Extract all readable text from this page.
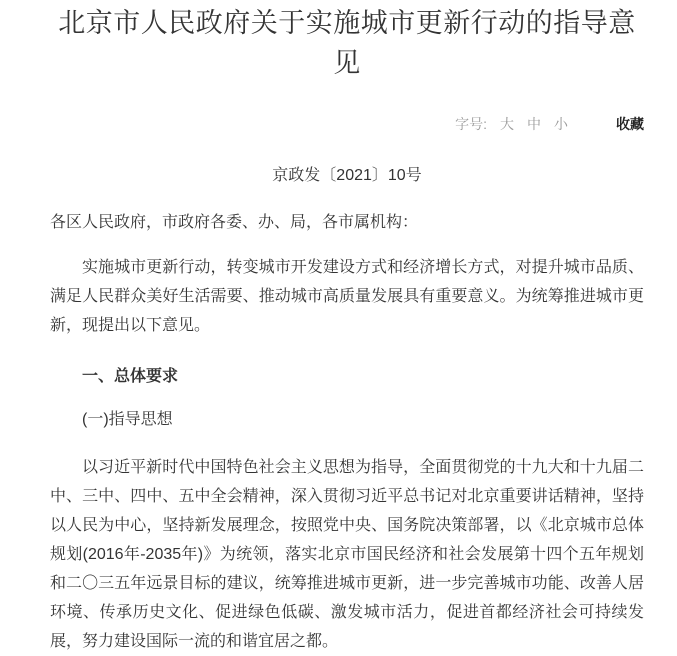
北京市人民政府关于实施城市更新行动的指导意见
字号: 大 中 小	收藏
京政发〔2021〕10号

各区人民政府，市政府各委、办、局，各市属机构：

实施城市更新行动，转变城市开发建设方式和经济增长方式，对提升城市品质、满足人民群众美好生活需要、推动城市高质量发展具有重要意义。为统筹推进城市更新，现提出以下意见。

一、总体要求

(一)指导思想

以习近平新时代中国特色社会主义思想为指导，全面贯彻党的十九大和十九届二中、三中、四中、五中全会精神，深入贯彻习近平总书记对北京重要讲话精神，坚持以人民为中心，坚持新发展理念，按照党中央、国务院决策部署，以《北京城市总体规划(2016年-2035年)》为统领，落实北京市国民经济和社会发展第十四个五年规划和二〇三五年远景目标的建议，统筹推进城市更新，进一步完善城市功能、改善人居环境、传承历史文化、促进绿色低碳、激发城市活力，促进首都经济社会可持续发展，努力建设国际一流的和谐宜居之都。
